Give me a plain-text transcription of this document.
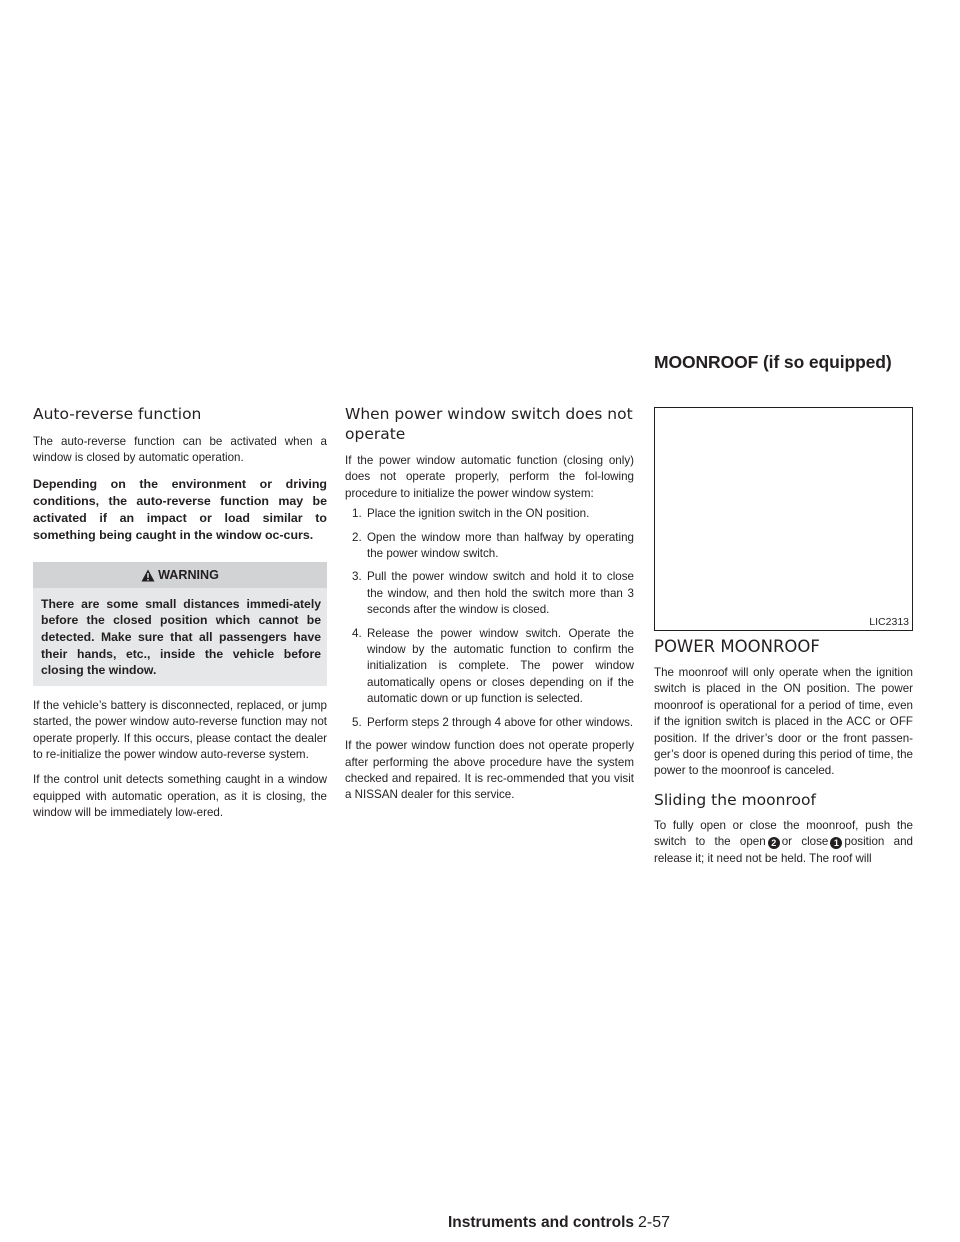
MOONROOF (if so equipped)
Auto-reverse function

The auto-reverse function can be activated when a window is closed by automatic operation.

Depending on the environment or driving conditions, the auto-reverse function may be activated if an impact or load similar to something being caught in the window oc-curs.

WARNING
There are some small distances immedi-ately before the closed position which cannot be detected. Make sure that all passengers have their hands, etc., inside the vehicle before closing the window.

If the vehicle’s battery is disconnected, replaced, or jump started, the power window auto-reverse function may not operate properly. If this occurs, please contact the dealer to re-initialize the power window auto-reverse system.

If the control unit detects something caught in a window equipped with automatic operation, as it is closing, the window will be immediately low-ered.

When power window switch does not operate

If the power window automatic function (closing only) does not operate properly, perform the fol-lowing procedure to initialize the power window system:

1. Place the ignition switch in the ON position.
2. Open the window more than halfway by operating the power window switch.
3. Pull the power window switch and hold it to close the window, and then hold the switch more than 3 seconds after the window is closed.
4. Release the power window switch. Operate the window by the automatic function to confirm the initialization is complete. The power window automatically opens or closes depending on if the automatic down or up function is selected.
5. Perform steps 2 through 4 above for other windows.

If the power window function does not operate properly after performing the above procedure have the system checked and repaired. It is rec-ommended that you visit a NISSAN dealer for this service.

LIC2313
POWER MOONROOF

The moonroof will only operate when the ignition switch is placed in the ON position. The power moonroof is operational for a period of time, even if the ignition switch is placed in the ACC or OFF position. If the driver’s door or the front passen-ger’s door is opened during this period of time, the power to the moonroof is canceled.

Sliding the moonroof

To fully open or close the moonroof, push the switch to the open 2 or close 1 position and release it; it need not be held. The roof will

Instruments and controls 2-57
